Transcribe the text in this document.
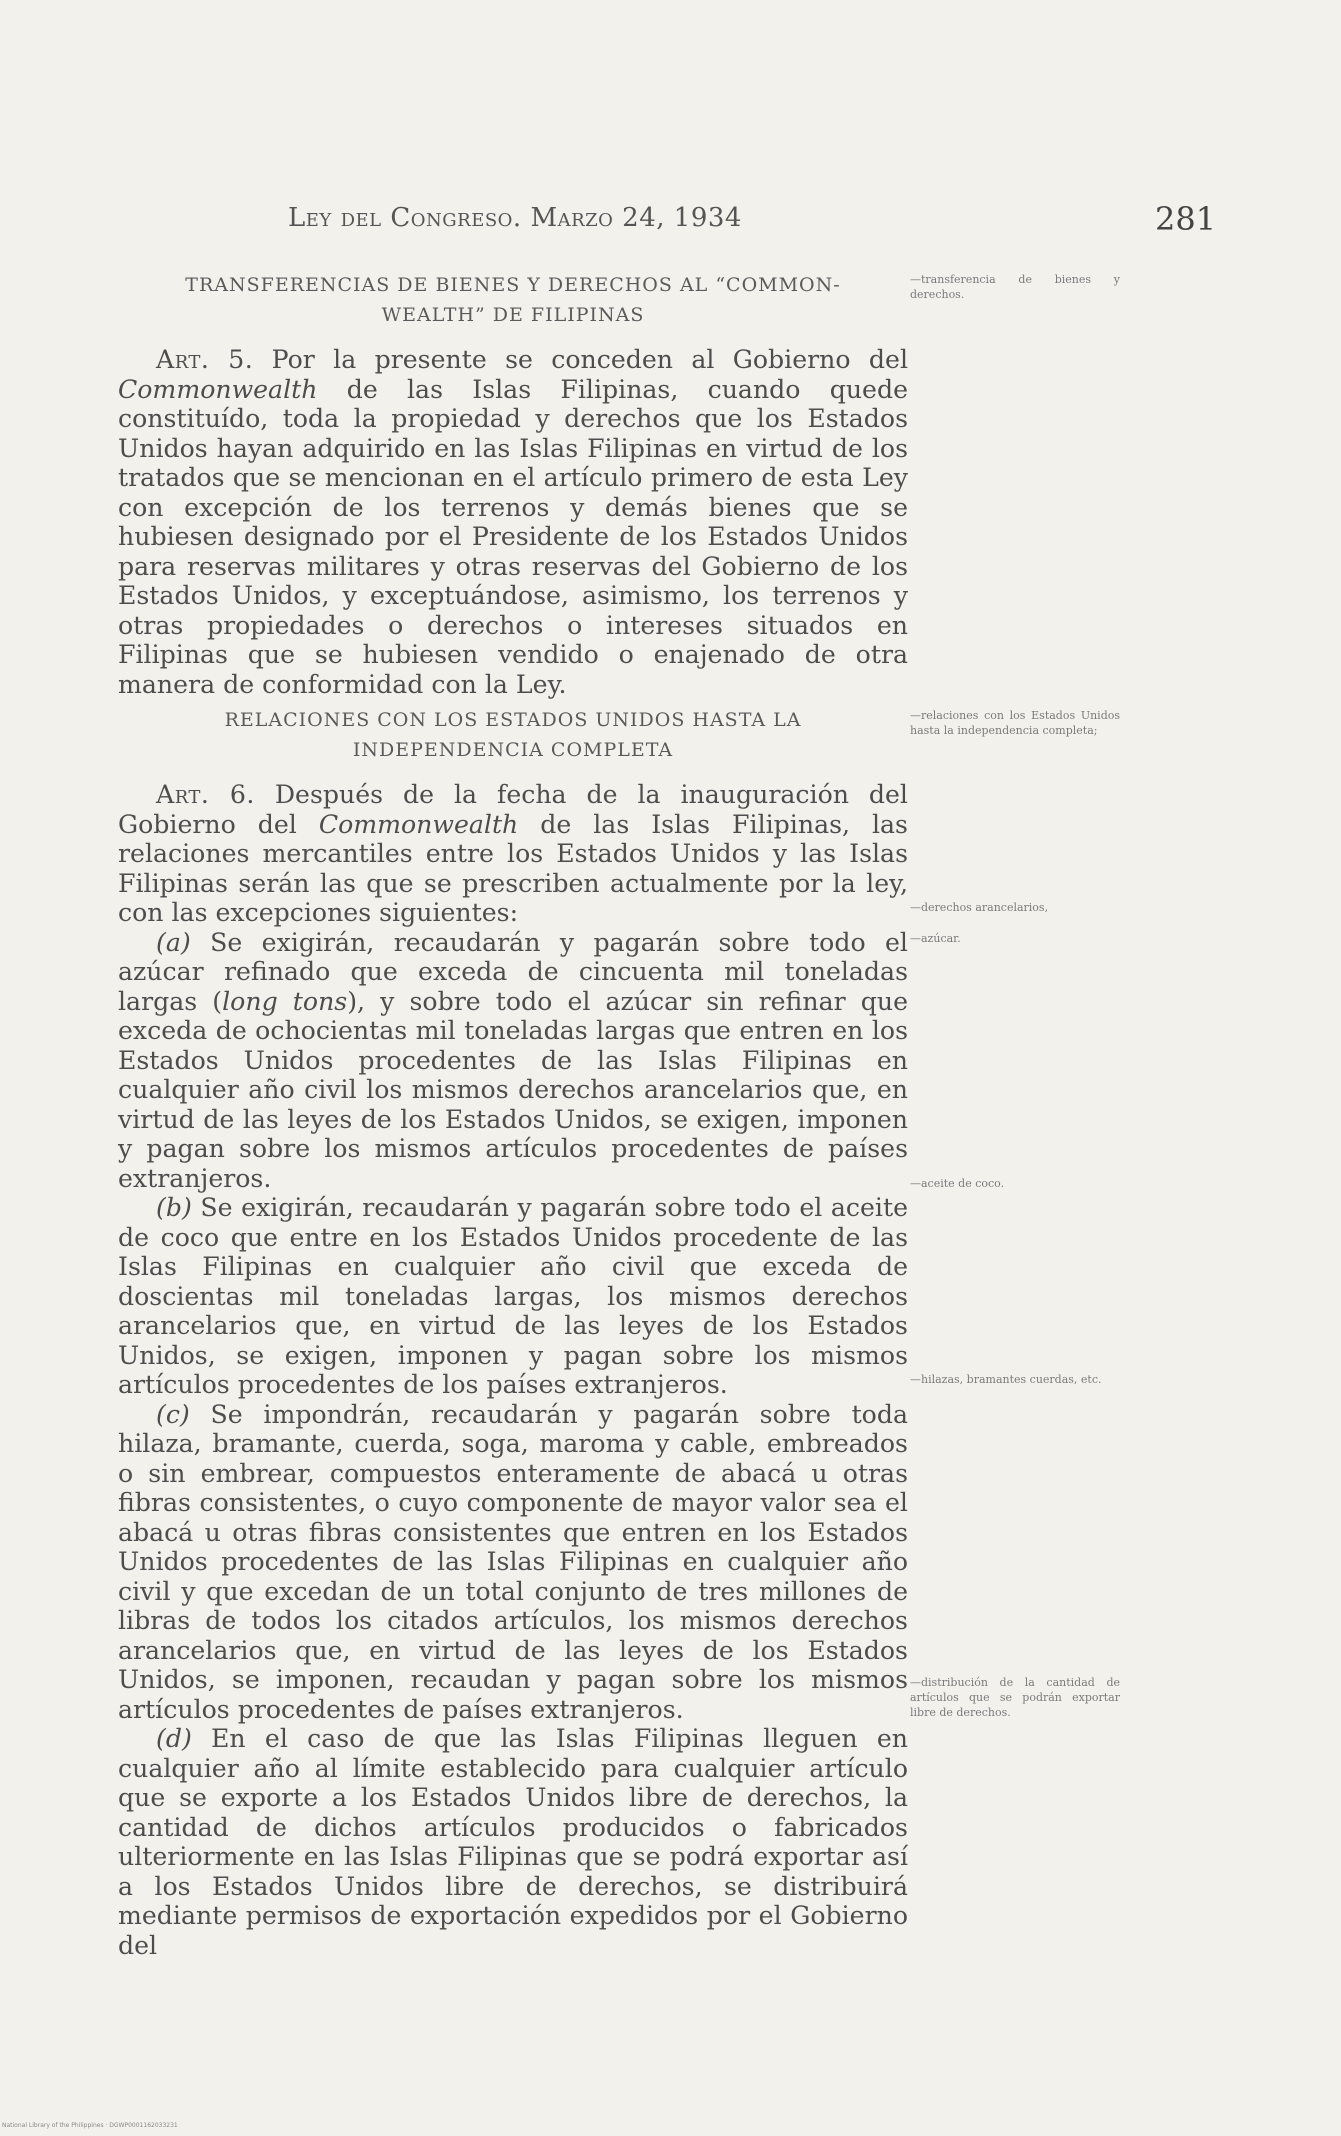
Ley del Congreso. Marzo 24, 1934	281
TRANSFERENCIAS DE BIENES Y DERECHOS AL “COMMON-
WEALTH” DE FILIPINAS

Art. 5. Por la presente se conceden al Gobierno del Commonwealth de las Islas Filipinas, cuando quede constituído, toda la propiedad y derechos que los Estados Unidos hayan adquirido en las Islas Filipinas en virtud de los tratados que se mencionan en el artículo primero de esta Ley con excepción de los terrenos y demás bienes que se hubiesen designado por el Presidente de los Estados Unidos para reservas militares y otras reservas del Gobierno de los Estados Unidos, y exceptuándose, asimismo, los terrenos y otras propiedades o derechos o intereses situados en Filipinas que se hubiesen vendido o enajenado de otra manera de conformidad con la Ley.

RELACIONES CON LOS ESTADOS UNIDOS HASTA LA
INDEPENDENCIA COMPLETA

Art. 6. Después de la fecha de la inauguración del Gobierno del Commonwealth de las Islas Filipinas, las relaciones mercantiles entre los Estados Unidos y las Islas Filipinas serán las que se prescriben actualmente por la ley, con las excepciones siguientes:

(a) Se exigirán, recaudarán y pagarán sobre todo el azúcar refinado que exceda de cincuenta mil toneladas largas (long tons), y sobre todo el azúcar sin refinar que exceda de ochocientas mil toneladas largas que entren en los Estados Unidos procedentes de las Islas Filipinas en cualquier año civil los mismos derechos arancelarios que, en virtud de las leyes de los Estados Unidos, se exigen, imponen y pagan sobre los mismos artículos procedentes de países extranjeros.

(b) Se exigirán, recaudarán y pagarán sobre todo el aceite de coco que entre en los Estados Unidos procedente de las Islas Filipinas en cualquier año civil que exceda de doscientas mil toneladas largas, los mismos derechos arancelarios que, en virtud de las leyes de los Estados Unidos, se exigen, imponen y pagan sobre los mismos artículos procedentes de los países extranjeros.

(c) Se impondrán, recaudarán y pagarán sobre toda hilaza, bramante, cuerda, soga, maroma y cable, embreados o sin embrear, compuestos enteramente de abacá u otras fibras consistentes, o cuyo componente de mayor valor sea el abacá u otras fibras consistentes que entren en los Estados Unidos procedentes de las Islas Filipinas en cualquier año civil y que excedan de un total conjunto de tres millones de libras de todos los citados artículos, los mismos derechos arancelarios que, en virtud de las leyes de los Estados Unidos, se imponen, recaudan y pagan sobre los mismos artículos procedentes de países extranjeros.

(d) En el caso de que las Islas Filipinas lleguen en cualquier año al límite establecido para cualquier artículo que se exporte a los Estados Unidos libre de derechos, la cantidad de dichos artículos producidos o fabricados ulteriormente en las Islas Filipinas que se podrá exportar así a los Estados Unidos libre de derechos, se distribuirá mediante permisos de exportación expedidos por el Gobierno del

—transferencia de bienes y derechos.
—relaciones con los Estados Unidos hasta la independencia completa;
—derechos arancelarios,
—azúcar.
—aceite de coco.
—hilazas, bramantes cuerdas, etc.
—distribución de la cantidad de artículos que se podrán exportar libre de derechos.
National Library of the Philippines · DGWP0001162033231
